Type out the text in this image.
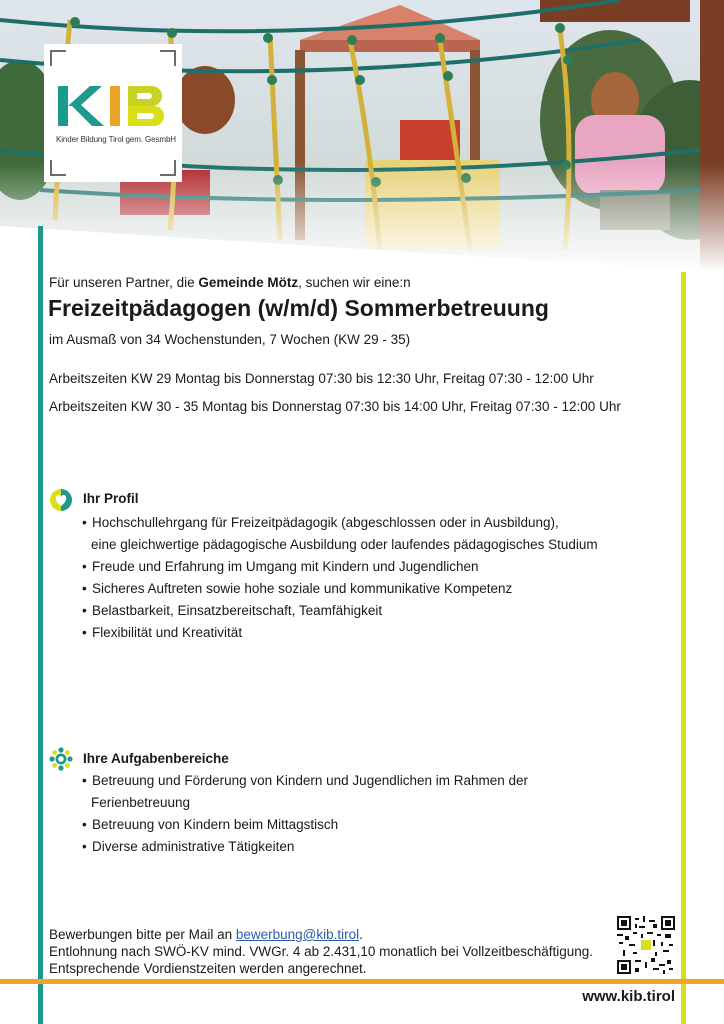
Kinder Bildung Tirol gem. GesmbH
Für unseren Partner, die Gemeinde Mötz, suchen wir eine:n
Freizeitpädagogen (w/m/d) Sommerbetreuung
im Ausmaß von 34 Wochenstunden, 7 Wochen (KW 29 - 35)
Arbeitszeiten KW 29 Montag bis Donnerstag 07:30 bis 12:30 Uhr, Freitag 07:30 - 12:00 Uhr
Arbeitszeiten KW 30 - 35 Montag bis Donnerstag 07:30 bis 14:00 Uhr, Freitag 07:30 - 12:00 Uhr
Ihr Profil
• Hochschullehrgang für Freizeitpädagogik (abgeschlossen oder in Ausbildung),
eine gleichwertige pädagogische Ausbildung oder laufendes pädagogisches Studium
• Freude und Erfahrung im Umgang mit Kindern und Jugendlichen
• Sicheres Auftreten sowie hohe soziale und kommunikative Kompetenz
• Belastbarkeit, Einsatzbereitschaft, Teamfähigkeit
• Flexibilität und Kreativität
Ihre Aufgabenbereiche
• Betreuung und Förderung von Kindern und Jugendlichen im Rahmen der
Ferienbetreuung
• Betreuung von Kindern beim Mittagstisch
• Diverse administrative Tätigkeiten
Bewerbungen bitte per Mail an bewerbung@kib.tirol.
Entlohnung nach SWÖ-KV mind. VWGr. 4 ab 2.431,10 monatlich bei Vollzeitbeschäftigung.
Entsprechende Vordienstzeiten werden angerechnet.
www.kib.tirol
